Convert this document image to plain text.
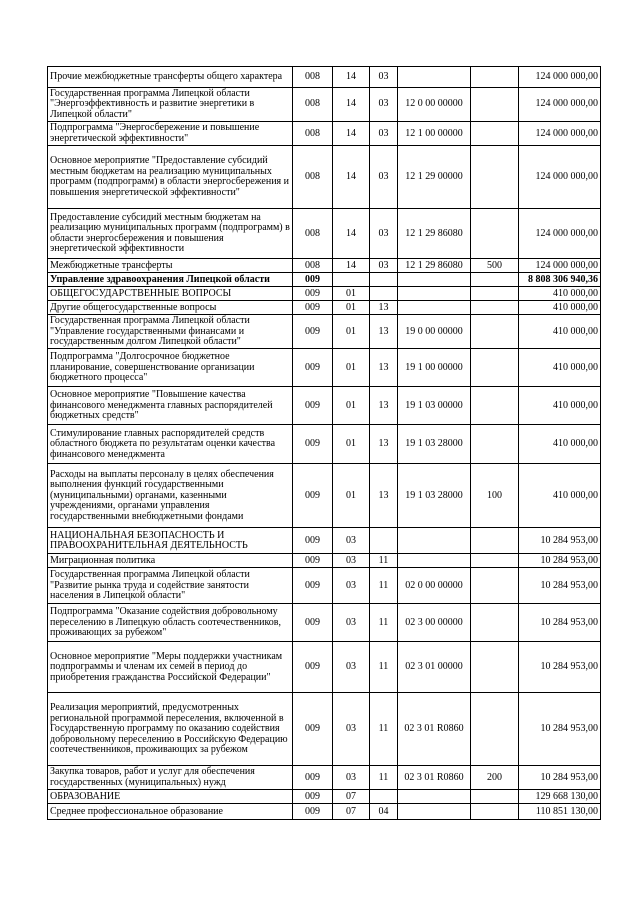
Прочие межбюджетные трансферты общего характера	008	14	03			124 000 000,00
Государственная программа Липецкой области "Энергоэффективность и развитие энергетики в Липецкой области"	008	14	03	12 0 00 00000		124 000 000,00
Подпрограмма "Энергосбережение и повышение энергетической эффективности"	008	14	03	12 1 00 00000		124 000 000,00
Основное мероприятие "Предоставление субсидий местным бюджетам на реализацию муниципальных программ (подпрограмм) в области энергосбережения и повышения энергетической эффективности"	008	14	03	12 1 29 00000		124 000 000,00
Предоставление субсидий местным бюджетам на реализацию муниципальных программ (подпрограмм) в области энергосбережения и повышения энергетической эффективности	008	14	03	12 1 29 86080		124 000 000,00
Межбюджетные трансферты	008	14	03	12 1 29 86080	500	124 000 000,00
Управление здравоохранения Липецкой области	009					8 808 306 940,36
ОБЩЕГОСУДАРСТВЕННЫЕ ВОПРОСЫ	009	01				410 000,00
Другие общегосударственные вопросы	009	01	13			410 000,00
Государственная программа Липецкой области "Управление государственными финансами и государственным долгом Липецкой области"	009	01	13	19 0 00 00000		410 000,00
Подпрограмма "Долгосрочное бюджетное планирование, совершенствование организации бюджетного процесса"	009	01	13	19 1 00 00000		410 000,00
Основное мероприятие "Повышение качества финансового менеджмента главных распорядителей бюджетных средств"	009	01	13	19 1 03 00000		410 000,00
Стимулирование главных распорядителей средств областного бюджета по результатам оценки качества финансового менеджмента	009	01	13	19 1 03 28000		410 000,00
Расходы на выплаты персоналу в целях обеспечения выполнения функций государственными (муниципальными) органами, казенными учреждениями, органами управления государственными внебюджетными фондами	009	01	13	19 1 03 28000	100	410 000,00
НАЦИОНАЛЬНАЯ БЕЗОПАСНОСТЬ И ПРАВООХРАНИТЕЛЬНАЯ ДЕЯТЕЛЬНОСТЬ	009	03				10 284 953,00
Миграционная политика	009	03	11			10 284 953,00
Государственная программа Липецкой области "Развитие рынка труда и содействие занятости населения в Липецкой области"	009	03	11	02 0 00 00000		10 284 953,00
Подпрограмма "Оказание содействия добровольному переселению в Липецкую область соотечественников, проживающих за рубежом"	009	03	11	02 3 00 00000		10 284 953,00
Основное мероприятие "Меры поддержки участникам подпрограммы и членам их семей в период до приобретения гражданства Российской Федерации"	009	03	11	02 3 01 00000		10 284 953,00
Реализация мероприятий, предусмотренных региональной программой переселения, включенной в Государственную программу по оказанию содействия добровольному переселению в Российскую Федерацию соотечественников, проживающих за рубежом	009	03	11	02 3 01 R0860		10 284 953,00
Закупка товаров, работ и услуг для обеспечения государственных (муниципальных) нужд	009	03	11	02 3 01 R0860	200	10 284 953,00
ОБРАЗОВАНИЕ	009	07				129 668 130,00
Среднее профессиональное образование	009	07	04			110 851 130,00
